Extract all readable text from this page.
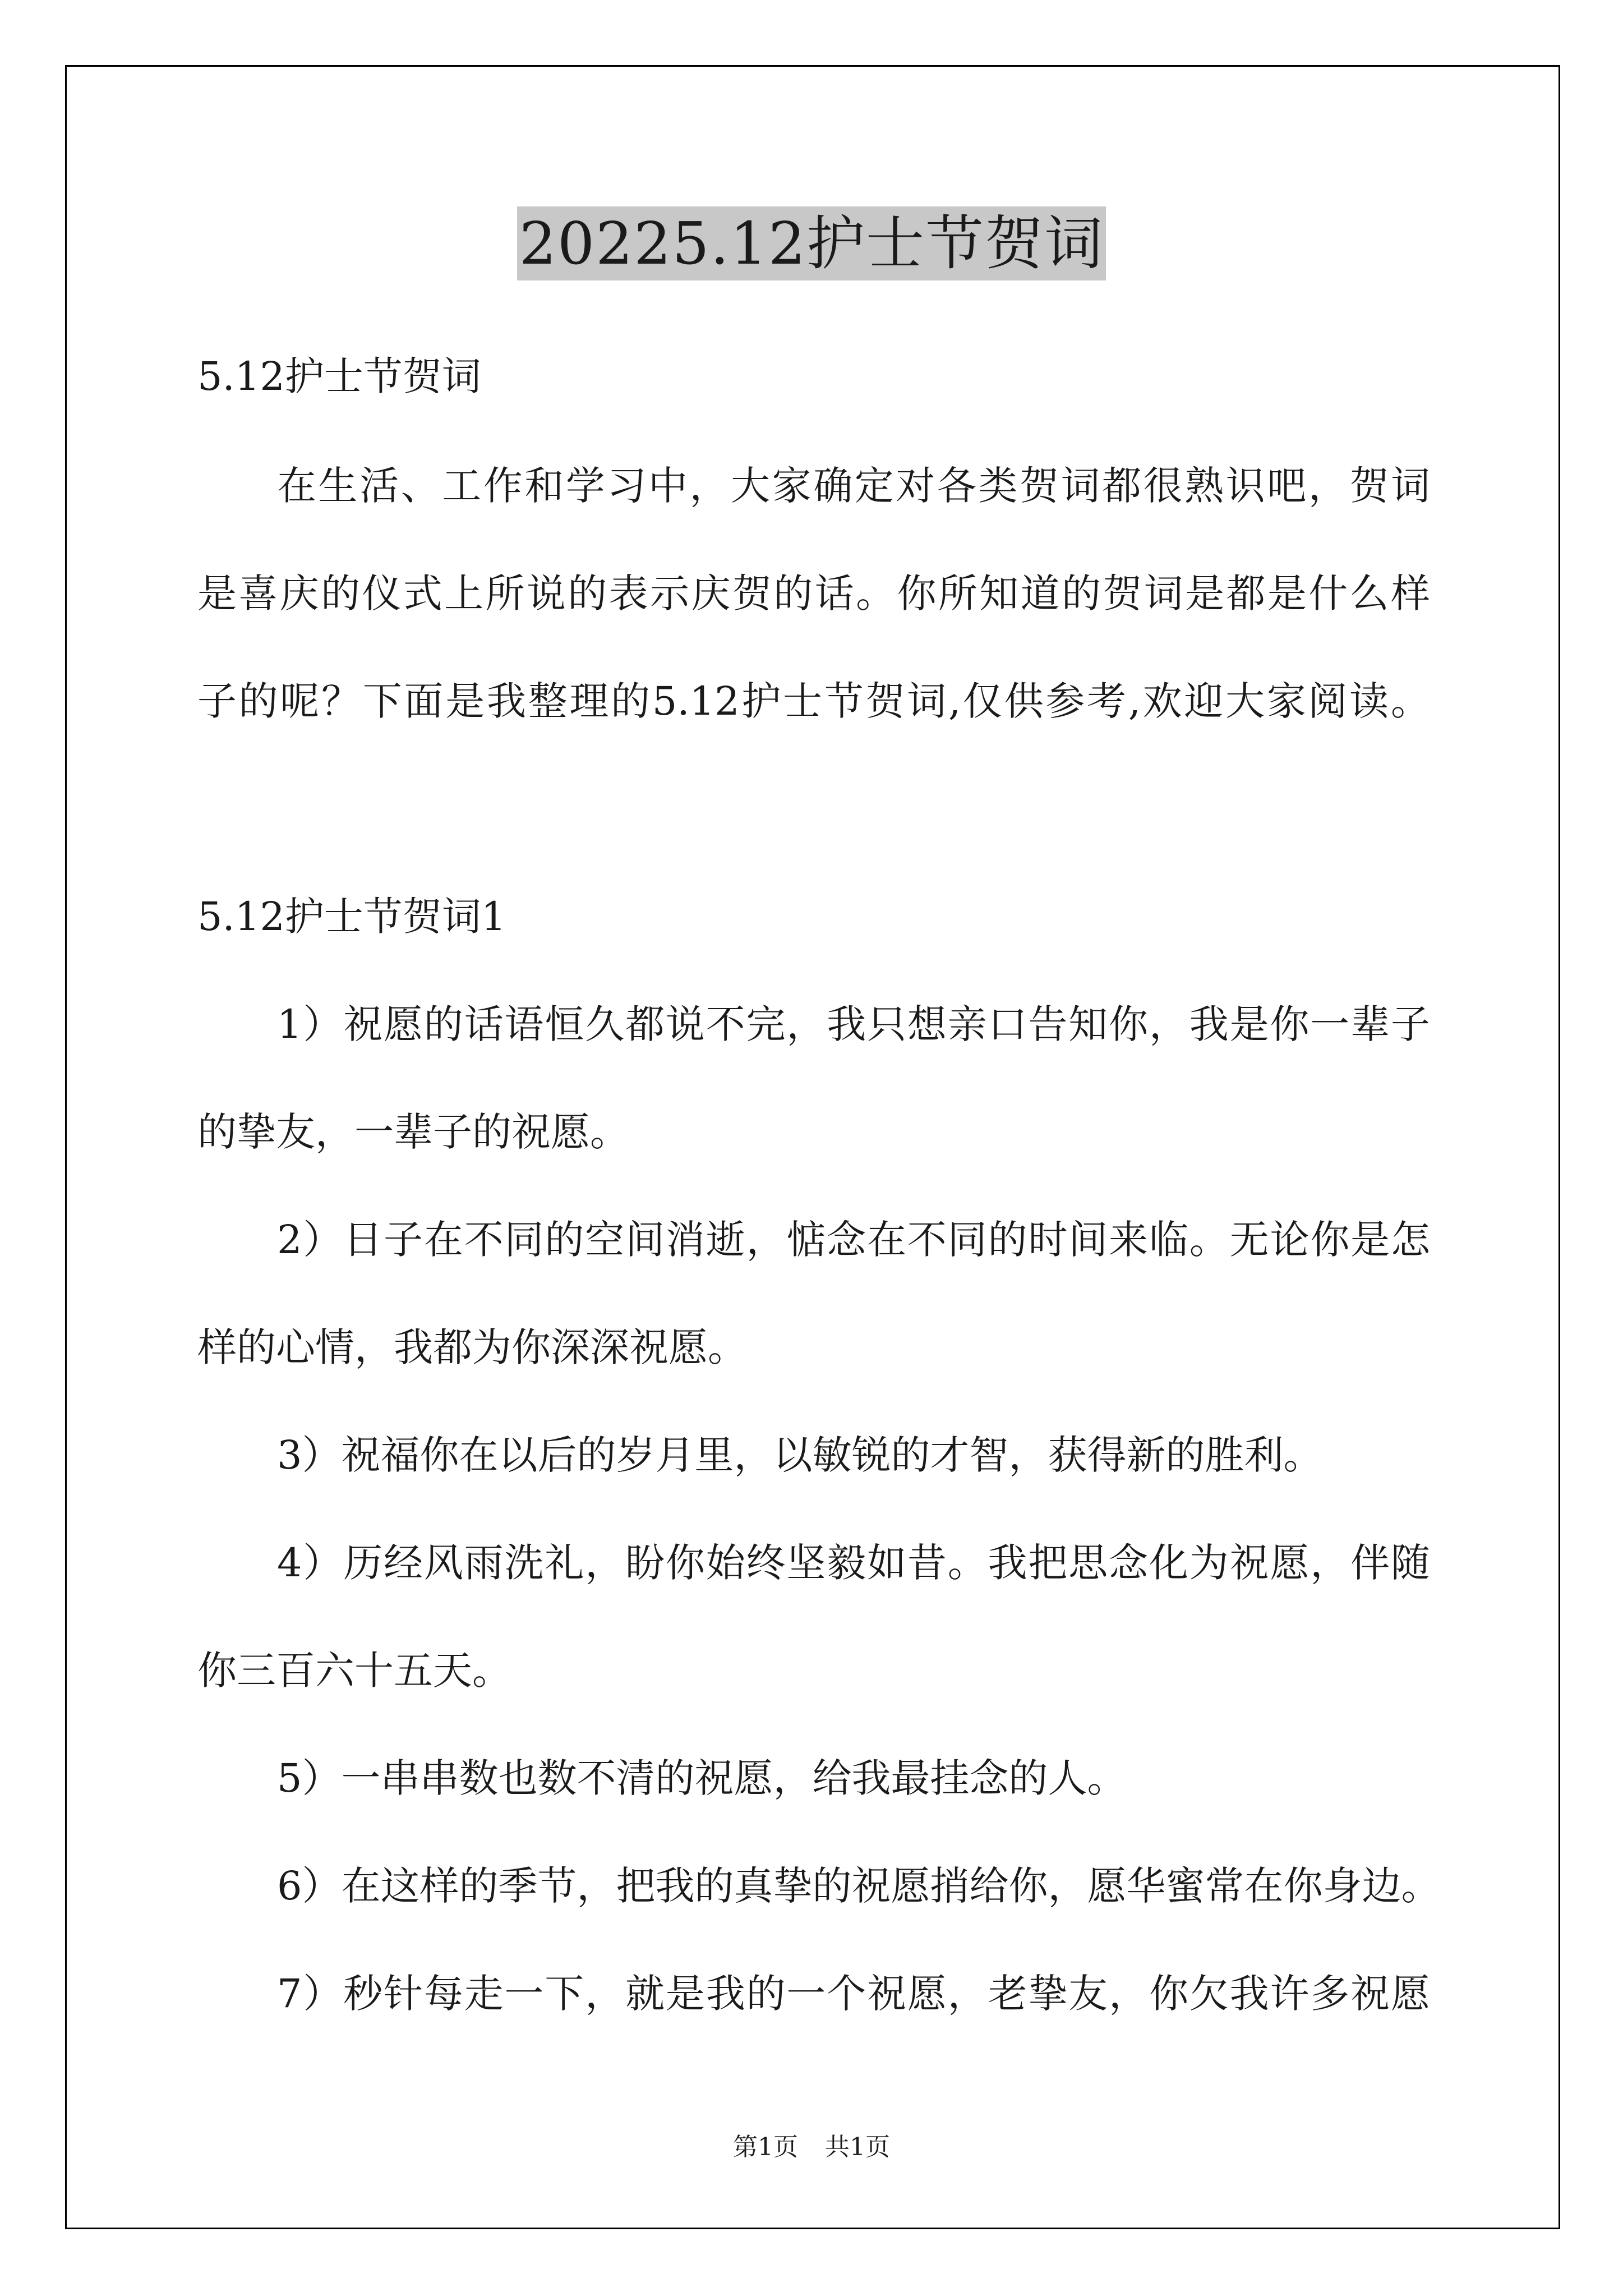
20225.12护士节贺词
5.12护士节贺词
在生活、工作和学习中，大家确定对各类贺词都很熟识吧，贺词
是喜庆的仪式上所说的表示庆贺的话。你所知道的贺词是都是什么样
子的呢？下面是我整理的5.12护士节贺词,仅供参考,欢迎大家阅读。
5.12护士节贺词1
1）祝愿的话语恒久都说不完，我只想亲口告知你，我是你一辈子
的挚友，一辈子的祝愿。
2）日子在不同的空间消逝，惦念在不同的时间来临。无论你是怎
样的心情，我都为你深深祝愿。
3）祝福你在以后的岁月里，以敏锐的才智，获得新的胜利。
4）历经风雨洗礼，盼你始终坚毅如昔。我把思念化为祝愿，伴随
你三百六十五天。
5）一串串数也数不清的祝愿，给我最挂念的人。
6）在这样的季节，把我的真挚的祝愿捎给你，愿华蜜常在你身边。
7）秒针每走一下，就是我的一个祝愿，老挚友，你欠我许多祝愿
第1页 共1页
